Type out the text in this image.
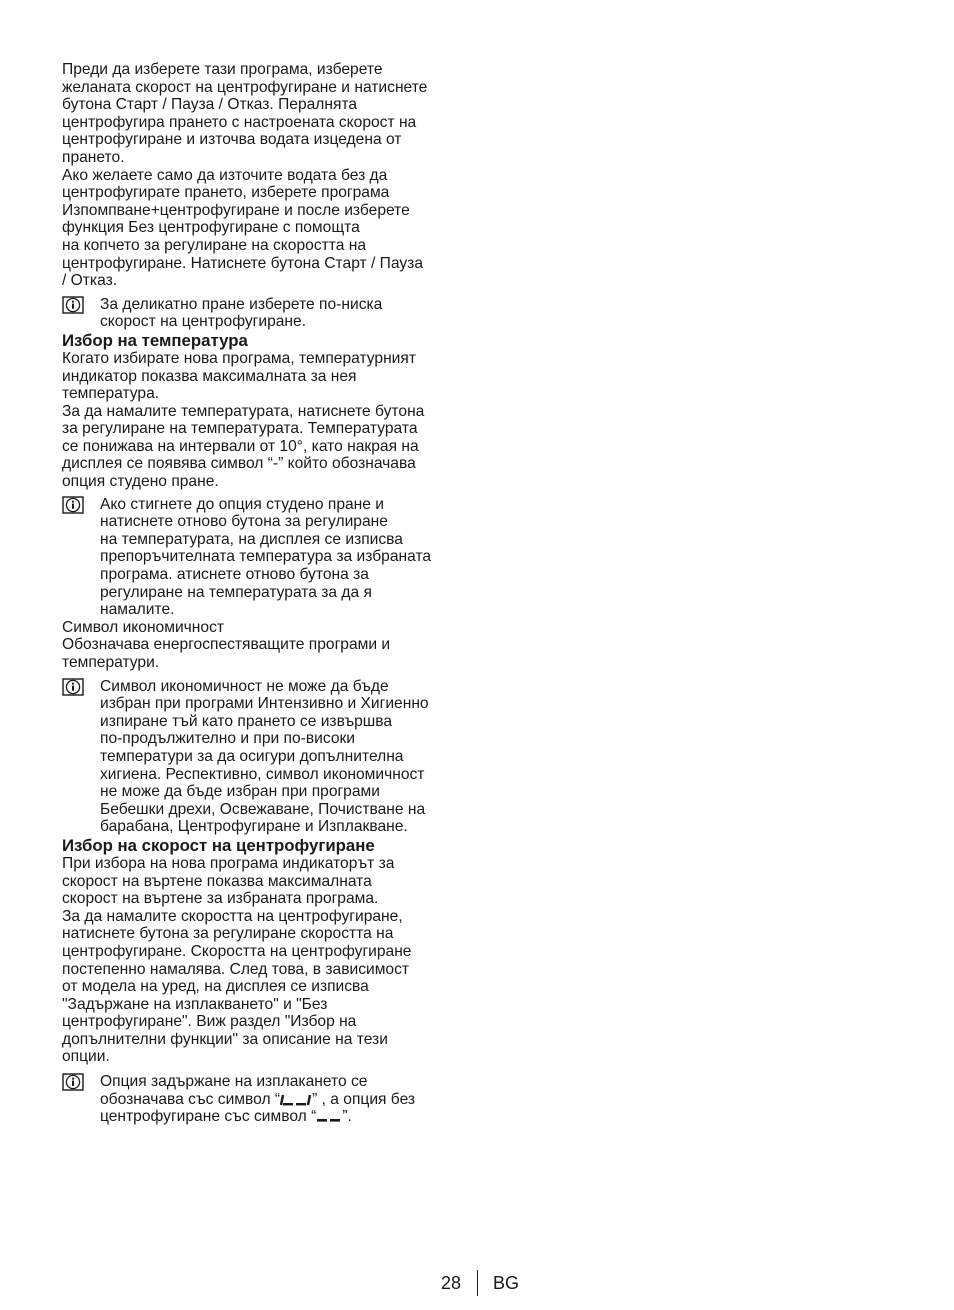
Преди да изберете тази програма, изберете
желаната скорост на центрофугиране и натиснете
бутона Старт / Пауза / Отказ. Пералнята
центрофугира прането с настроената скорост на
центрофугиране и източва водата изцедена от
прането.

Ако желаете само да източите водата без да
центрофугирате прането, изберете програма
Изпомпване+центрофугиране и после изберете
функция Без центрофугиране с помощта
на копчето за регулиране на скоростта на
центрофугиране. Натиснете бутона Старт / Пауза
/ Отказ.

За деликатно пране изберете по-ниска
скорост на центрофугиране.

Избор на температура

Когато избирате нова програма, температурният
индикатор показва максималната за нея
температура.

За да намалите температурата, натиснете бутона
за регулиране на температурата. Температурата
се понижава на интервали от 10°, като накрая на
дисплея се появява символ “-” който обозначава
опция студено пране.

Ако стигнете до опция студено пране и
натиснете отново бутона за регулиране
на температурата, на дисплея се изписва
препоръчителната температура за избраната
програма. атиснете отново бутона за
регулиране на температурата за да я
намалите.

Символ икономичност

Обозначава енергоспестяващите програми и
температури.

Символ икономичност не може да бъде
избран при програми Интензивно и Хигиенно
изпиране тъй като прането се извършва
по-продължително и при по-високи
температури за да осигури допълнителна
хигиена. Респективно, символ икономичност
не може да бъде избран при програми
Бебешки дрехи, Освежаване, Почистване на
барабана, Центрофугиране и Изплакване.

Избор на скорост на центрофугиране

При избора на нова програма индикаторът за
скорост на въртене показва максималната
скорост на въртене за избраната програма.

За да намалите скоростта на центрофугиране,
натиснете бутона за регулиране скоростта на
центрофугиране. Скоростта на центрофугиране
постепенно намалява. След това, в зависимост
от модела на уред, на дисплея се изписва
"Задържане на изплакването" и "Без
центрофугиране". Виж раздел "Избор на
допълнителни функции" за описание на тези
опции.

Опция задържане на изплакането се
обозначава със символ “ ” , а опция без
центрофугиране със символ “ ”.

28 BG
